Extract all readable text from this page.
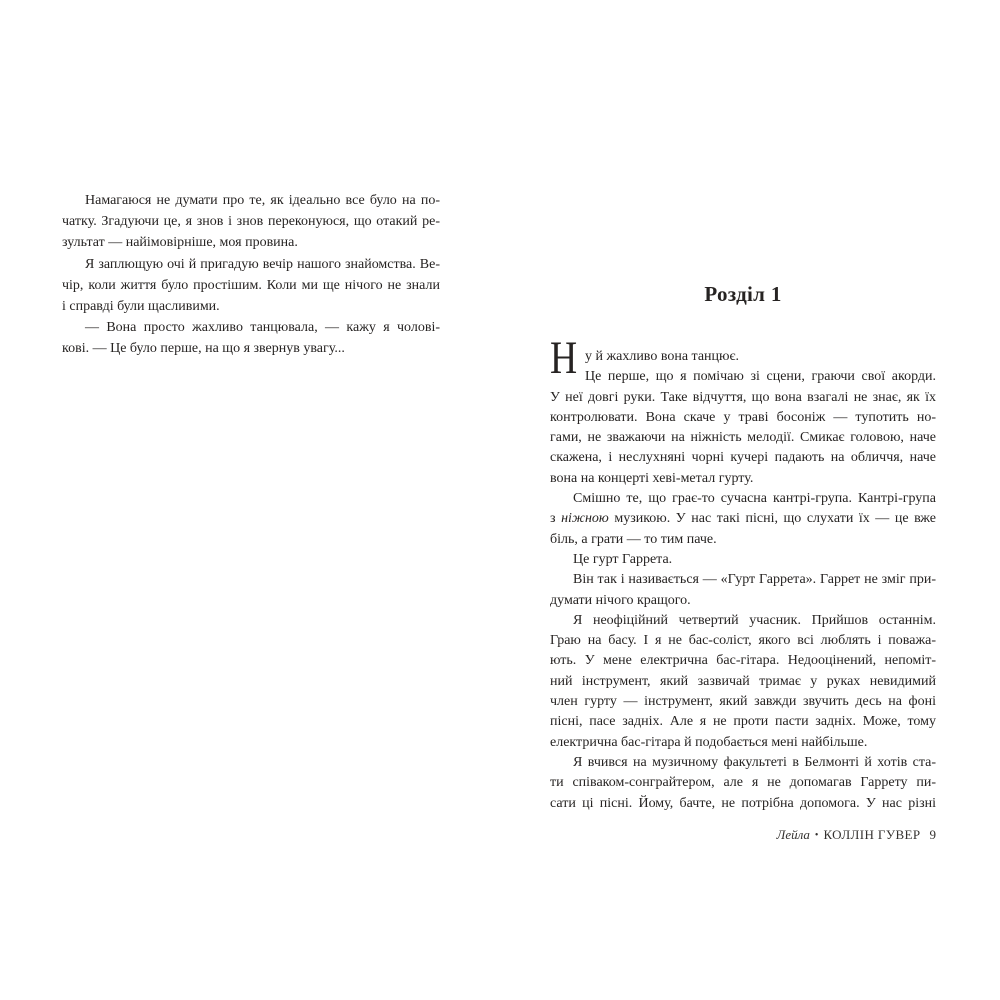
Намагаюся не думати про те, як ідеально все було на по-
чатку. Згадуючи це, я знов і знов переконуюся, що отакий ре-
зультат — найімовірніше, моя провина.
Я заплющую очі й пригадую вечір нашого знайомства. Ве-
чір, коли життя було простішим. Коли ми ще нічого не знали
і справді були щасливими.
— Вона просто жахливо танцювала, — кажу я чолові-
кові. — Це було перше, на що я звернув увагу...
Розділ 1
Н у й жахливо вона танцює.
Це перше, що я помічаю зі сцени, граючи свої акорди.
У неї довгі руки. Таке відчуття, що вона взагалі не знає, як їх
контролювати. Вона скаче у траві босоніж — тупотить но-
гами, не зважаючи на ніжність мелодії. Смикає головою, наче
скажена, і неслухняні чорні кучері падають на обличчя, наче
вона на концерті хеві-метал гурту.
Смішно те, що грає-то сучасна кантрі-група. Кантрі-група
з ніжною музикою. У нас такі пісні, що слухати їх — це вже
біль, а грати — то тим паче.
Це гурт Гаррета.
Він так і називається — «Гурт Гаррета». Гаррет не зміг при-
думати нічого кращого.
Я неофіційний четвертий учасник. Прийшов останнім.
Граю на басу. І я не бас-соліст, якого всі люблять і поважа-
ють. У мене електрична бас-гітара. Недооцінений, непоміт-
ний інструмент, який зазвичай тримає у руках невидимий
член гурту — інструмент, який завжди звучить десь на фоні
пісні, пасе задніх. Але я не проти пасти задніх. Може, тому
електрична бас-гітара й подобається мені найбільше.
Я вчився на музичному факультеті в Белмонті й хотів ста-
ти співаком-сонграйтером, але я не допомагав Гаррету пи-
сати ці пісні. Йому, бачте, не потрібна допомога. У нас різні
Лейла • КОЛЛІН ГУВЕР 9
